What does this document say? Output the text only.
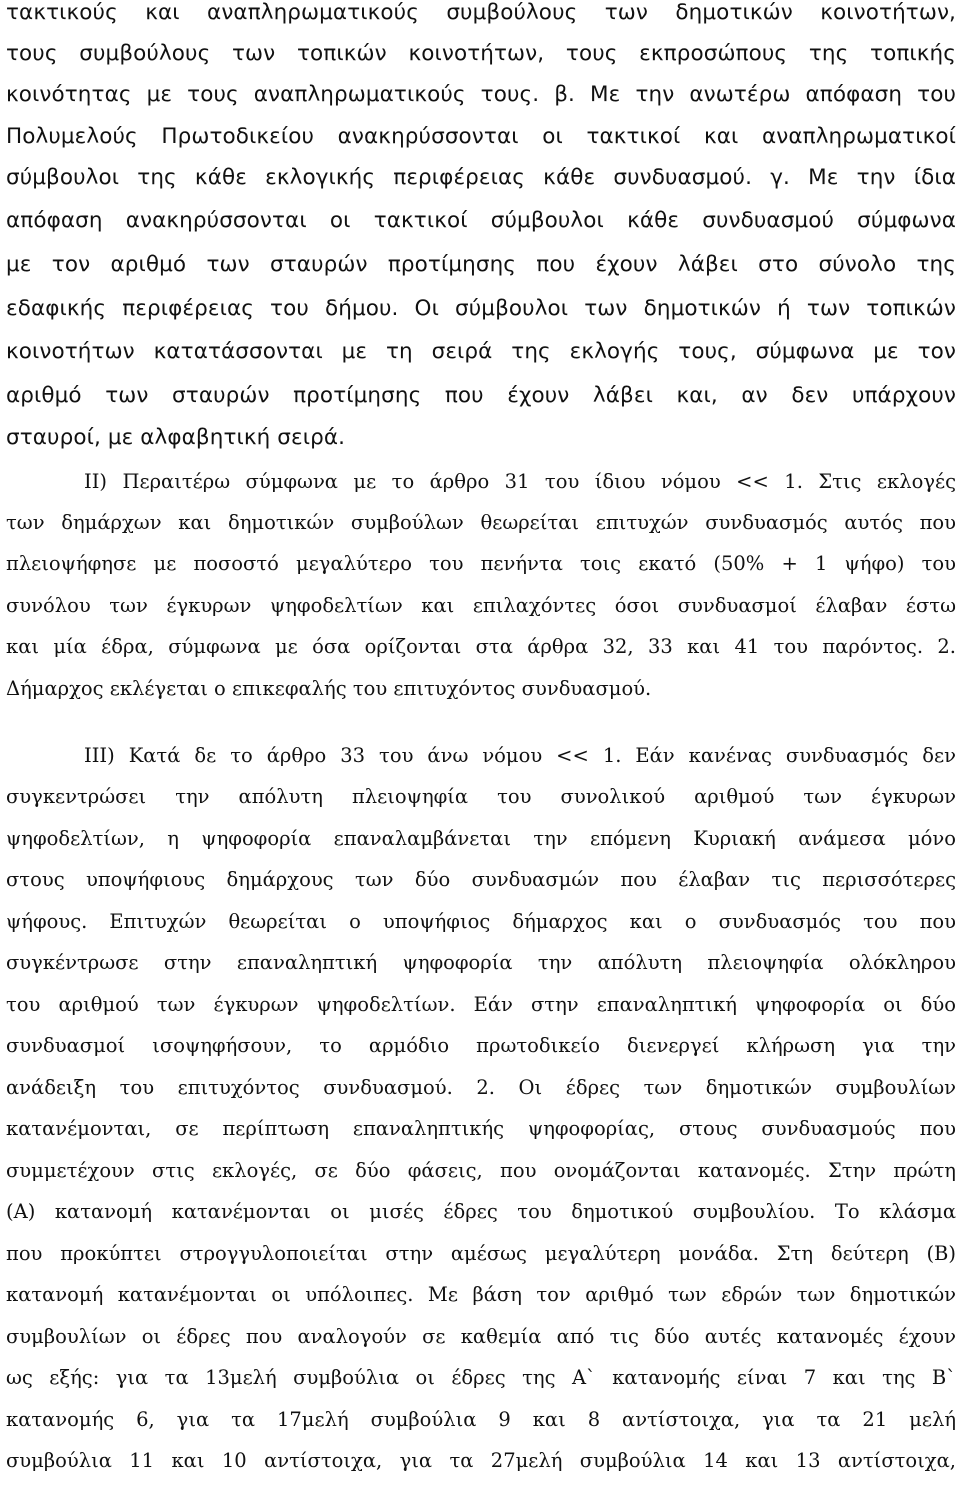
τακτικούς και αναπληρωματικούς συμβούλους των δημοτικών κοινοτήτων,
τους συμβούλους των τοπικών κοινοτήτων, τους εκπροσώπους της τοπικής
κοινότητας με τους αναπληρωματικούς τους. β. Με την ανωτέρω απόφαση του
Πολυμελούς Πρωτοδικείου ανακηρύσσονται οι τακτικοί και αναπληρωματικοί
σύμβουλοι της κάθε εκλογικής περιφέρειας κάθε συνδυασμού. γ. Με την ίδια
απόφαση ανακηρύσσονται οι τακτικοί σύμβουλοι κάθε συνδυασμού σύμφωνα
με τον αριθμό των σταυρών προτίμησης που έχουν λάβει στο σύνολο της
εδαφικής περιφέρειας του δήμου. Οι σύμβουλοι των δημοτικών ή των τοπικών
κοινοτήτων κατατάσσονται με τη σειρά της εκλογής τους, σύμφωνα με τον
αριθμό των σταυρών προτίμησης που έχουν λάβει και, αν δεν υπάρχουν
σταυροί, με αλφαβητική σειρά.
ΙΙ) Περαιτέρω σύμφωνα με το άρθρο 31 του ίδιου νόμου << 1. Στις εκλογές
των δημάρχων και δημοτικών συμβούλων θεωρείται επιτυχών συνδυασμός αυτός που
πλειοψήφησε με ποσοστό μεγαλύτερο του πενήντα τοις εκατό (50% + 1 ψήφο) του
συνόλου των έγκυρων ψηφοδελτίων και επιλαχόντες όσοι συνδυασμοί έλαβαν έστω
και μία έδρα, σύμφωνα με όσα ορίζονται στα άρθρα 32, 33 και 41 του παρόντος. 2.
Δήμαρχος εκλέγεται ο επικεφαλής του επιτυχόντος συνδυασμού.
ΙΙΙ) Κατά δε το άρθρο 33 του άνω νόμου << 1. Εάν κανένας συνδυασμός δεν
συγκεντρώσει την απόλυτη πλειοψηφία του συνολικού αριθμού των έγκυρων
ψηφοδελτίων, η ψηφοφορία επαναλαμβάνεται την επόμενη Κυριακή ανάμεσα μόνο
στους υποψήφιους δημάρχους των δύο συνδυασμών που έλαβαν τις περισσότερες
ψήφους. Επιτυχών θεωρείται ο υποψήφιος δήμαρχος και ο συνδυασμός του που
συγκέντρωσε στην επαναληπτική ψηφοφορία την απόλυτη πλειοψηφία ολόκληρου
του αριθμού των έγκυρων ψηφοδελτίων. Εάν στην επαναληπτική ψηφοφορία οι δύο
συνδυασμοί ισοψηφήσουν, το αρμόδιο πρωτοδικείο διενεργεί κλήρωση για την
ανάδειξη του επιτυχόντος συνδυασμού. 2. Οι έδρες των δημοτικών συμβουλίων
κατανέμονται, σε περίπτωση επαναληπτικής ψηφοφορίας, στους συνδυασμούς που
συμμετέχουν στις εκλογές, σε δύο φάσεις, που ονομάζονται κατανομές. Στην πρώτη
(Α) κατανομή κατανέμονται οι μισές έδρες του δημοτικού συμβουλίου. Το κλάσμα
που προκύπτει στρογγυλοποιείται στην αμέσως μεγαλύτερη μονάδα. Στη δεύτερη (Β)
κατανομή κατανέμονται οι υπόλοιπες. Με βάση τον αριθμό των εδρών των δημοτικών
συμβουλίων οι έδρες που αναλογούν σε καθεμία από τις δύο αυτές κατανομές έχουν
ως εξής: για τα 13μελή συμβούλια οι έδρες της Α` κατανομής είναι 7 και της Β`
κατανομής 6, για τα 17μελή συμβούλια 9 και 8 αντίστοιχα, για τα 21 μελή
συμβούλια 11 και 10 αντίστοιχα, για τα 27μελή συμβούλια 14 και 13 αντίστοιχα,
